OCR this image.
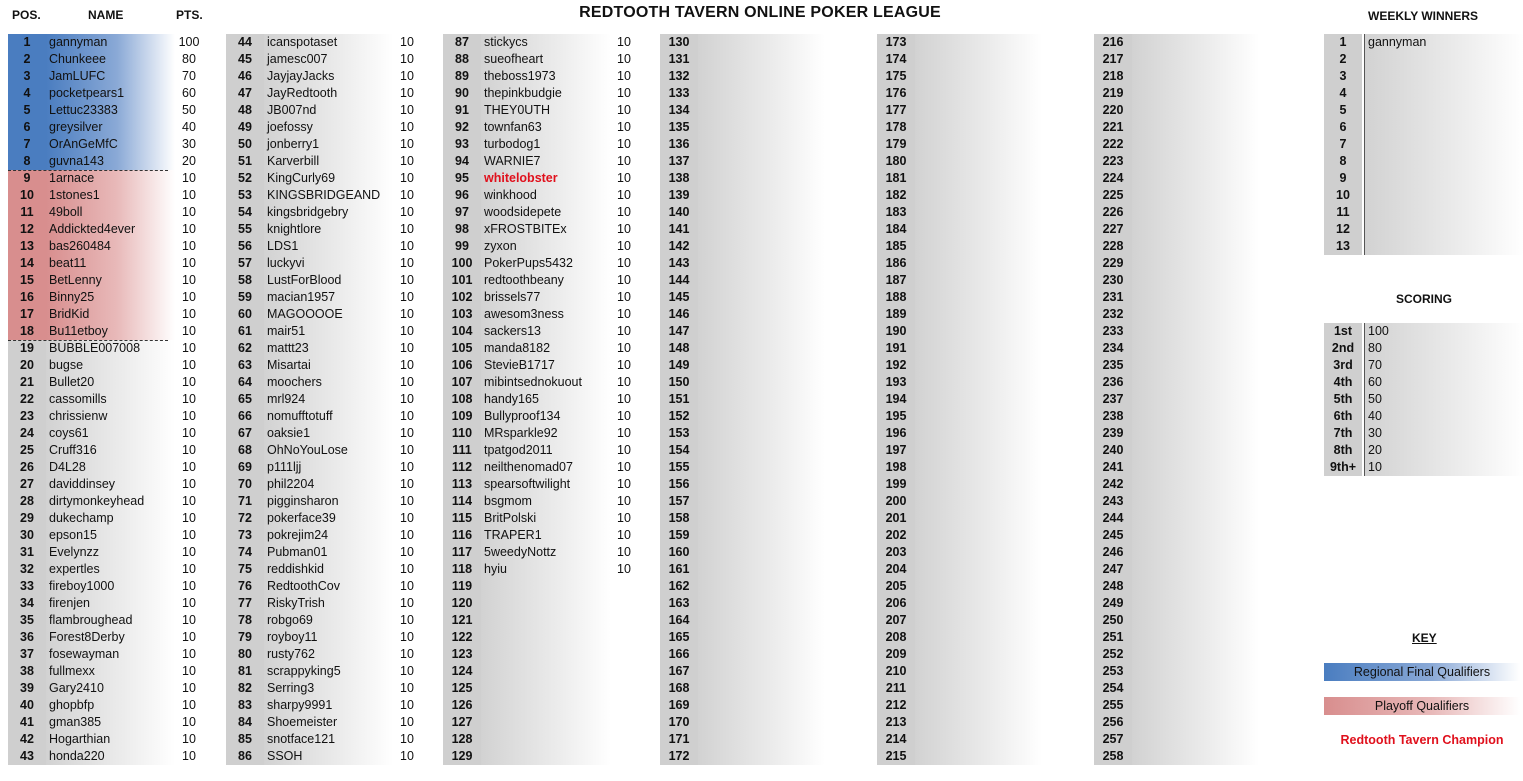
REDTOOTH TAVERN ONLINE POKER LEAGUE
POS.	NAME	PTS.
1	gannyman	100
2	Chunkeee	80
3	JamLUFC	70
4	pocketpears1	60
5	Lettuc23383	50
6	greysilver	40
7	OrAnGeMfC	30
8	guvna143	20
9	1arnace	10
10	1stones1	10
11	49boll	10
12	Addickted4ever	10
13	bas260484	10
14	beat11	10
15	BetLenny	10
16	Binny25	10
17	BridKid	10
18	Bu11etboy	10
19	BUBBLE007008	10
20	bugse	10
21	Bullet20	10
22	cassomills	10
23	chrissienw	10
24	coys61	10
25	Cruff316	10
26	D4L28	10
27	daviddinsey	10
28	dirtymonkeyhead	10
29	dukechamp	10
30	epson15	10
31	Evelynzz	10
32	expertles	10
33	fireboy1000	10
34	firenjen	10
35	flambroughead	10
36	Forest8Derby	10
37	fosewayman	10
38	fullmexx	10
39	Gary2410	10
40	ghopbfp	10
41	gman385	10
42	Hogarthian	10
43	honda220	10
44	icanspotaset	10
45	jamesc007	10
46	JayjayJacks	10
47	JayRedtooth	10
48	JB007nd	10
49	joefossy	10
50	jonberry1	10
51	Karverbill	10
52	KingCurly69	10
53	KINGSBRIDGEAND	10
54	kingsbridgebry	10
55	knightlore	10
56	LDS1	10
57	luckyvi	10
58	LustForBlood	10
59	macian1957	10
60	MAGOOOOE	10
61	mair51	10
62	mattt23	10
63	Misartai	10
64	moochers	10
65	mrl924	10
66	nomufftotuff	10
67	oaksie1	10
68	OhNoYouLose	10
69	p111ljj	10
70	phil2204	10
71	pigginsharon	10
72	pokerface39	10
73	pokrejim24	10
74	Pubman01	10
75	reddishkid	10
76	RedtoothCov	10
77	RiskyTrish	10
78	robgo69	10
79	royboy11	10
80	rusty762	10
81	scrappyking5	10
82	Serring3	10
83	sharpy9991	10
84	Shoemeister	10
85	snotface121	10
86	SSOH	10
87	stickycs	10
88	sueofheart	10
89	theboss1973	10
90	thepinkbudgie	10
91	THEY0UTH	10
92	townfan63	10
93	turbodog1	10
94	WARNIE7	10
95	whitelobster	10
96	winkhood	10
97	woodsidepete	10
98	xFROSTBITEx	10
99	zyxon	10
100 PokerPups5432	10
101 redtoothbeany	10
102 brissels77	10
103 awesom3ness	10
104 sackers13	10
105 manda8182	10
106 StevieB1717	10
107 mibintsednokuout	10
108 handy165	10
109 Bullyproof134	10
110 MRsparkle92	10
111 tpatgod2011	10
112 neilthenomad07	10
113 spearsoftwilight	10
114 bsgmom	10
115 BritPolski	10
116 TRAPER1	10
117 5weedyNottz	10
118 hyiu	10
119
120
121
122
123
124
125
126
127
128
129
130
131
132
133
134
135
136
137
138
139
140
141
142
143
144
145
146
147
148
149
150
151
152
153
154
155
156
157
158
159
160
161
162
163
164
165
166
167
168
169
170
171
172
173
174
175
176
177
178
179
180
181
182
183
184
185
186
187
188
189
190
191
192
193
194
195
196
197
198
199
200
201
202
203
204
205
206
207
208
209
210
211
212
213
214
215
216
217
218
219
220
221
222
223
224
225
226
227
228
229
230
231
232
233
234
235
236
237
238
239
240
241
242
243
244
245
246
247
248
249
250
251
252
253
254
255
256
257
258
WEEKLY WINNERS
1	gannyman
2
3
4
5
6
7
8
9
10
11
12
13
SCORING
1st	100
2nd	80
3rd	70
4th	60
5th	50
6th	40
7th	30
8th	20
9th+ 10
KEY
Regional Final Qualifiers
Playoff Qualifiers
Redtooth Tavern Champion
